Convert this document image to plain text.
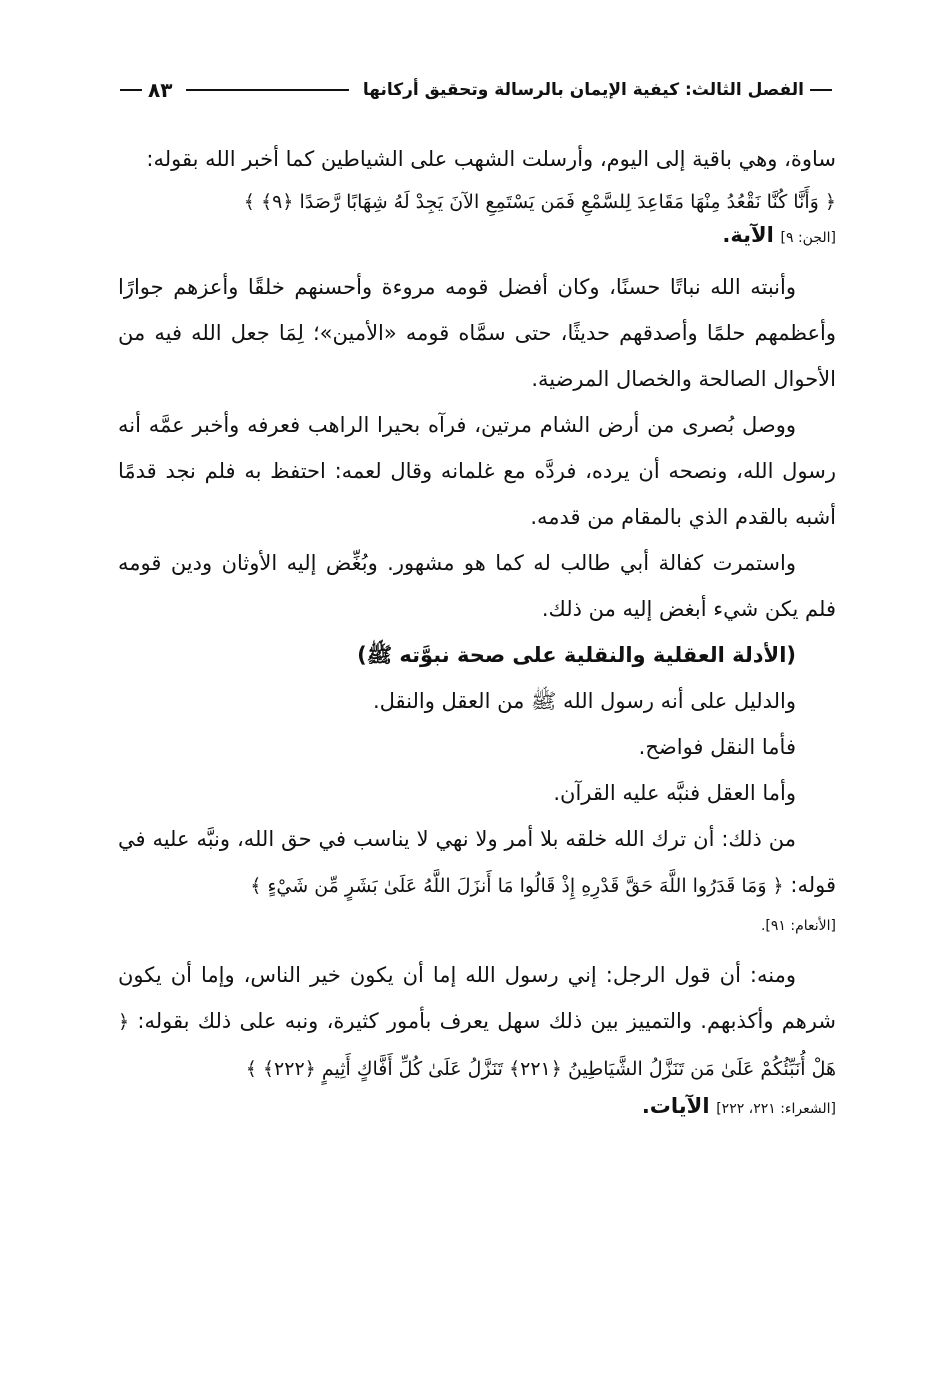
الفصل الثالث: كيفية الإيمان بالرسالة وتحقيق أركانها
٨٣

ساوة، وهي باقية إلى اليوم، وأرسلت الشهب على الشياطين كما أخبر الله بقوله:

﴿ وَأَنَّا كُنَّا نَقْعُدُ مِنْهَا مَقَاعِدَ لِلسَّمْعِ فَمَن يَسْتَمِعِ الآنَ يَجِدْ لَهُ شِهَابًا رَّصَدًا ﴿٩﴾ ﴾

[الجن: ٩] الآية.

وأنبته الله نباتًا حسنًا، وكان أفضل قومه مروءة وأحسنهم خلقًا وأعزهم جوارًا وأعظمهم حلمًا وأصدقهم حديثًا، حتى سمَّاه قومه «الأمين»؛ لِمَا جعل الله فيه من الأحوال الصالحة والخصال المرضية.

ووصل بُصرى من أرض الشام مرتين، فرآه بحيرا الراهب فعرفه وأخبر عمَّه أنه رسول الله، ونصحه أن يرده، فردَّه مع غلمانه وقال لعمه: احتفظ به فلم نجد قدمًا أشبه بالقدم الذي بالمقام من قدمه.

واستمرت كفالة أبي طالب له كما هو مشهور. وبُغِّض إليه الأوثان ودين قومه فلم يكن شيء أبغض إليه من ذلك.

(الأدلة العقلية والنقلية على صحة نبوَّته ﷺ)

والدليل على أنه رسول الله ﷺ من العقل والنقل.

فأما النقل فواضح.

وأما العقل فنبَّه عليه القرآن.

من ذلك: أن ترك الله خلقه بلا أمر ولا نهي لا يناسب في حق الله، ونبَّه عليه في قوله: ﴿ وَمَا قَدَرُوا اللَّهَ حَقَّ قَدْرِهِ إِذْ قَالُوا مَا أَنزَلَ اللَّهُ عَلَىٰ بَشَرٍ مِّن شَيْءٍ ﴾

[الأنعام: ٩١].

ومنه: أن قول الرجل: إني رسول الله إما أن يكون خير الناس، وإما أن يكون شرهم وأكذبهم. والتمييز بين ذلك سهل يعرف بأمور كثيرة، ونبه على ذلك بقوله: ﴿ هَلْ أُنَبِّئُكُمْ عَلَىٰ مَن تَنَزَّلُ الشَّيَاطِينُ ﴿٢٢١﴾ تَنَزَّلُ عَلَىٰ كُلِّ أَفَّاكٍ أَثِيمٍ ﴿٢٢٢﴾ ﴾

[الشعراء: ٢٢١، ٢٢٢] الآيات.
